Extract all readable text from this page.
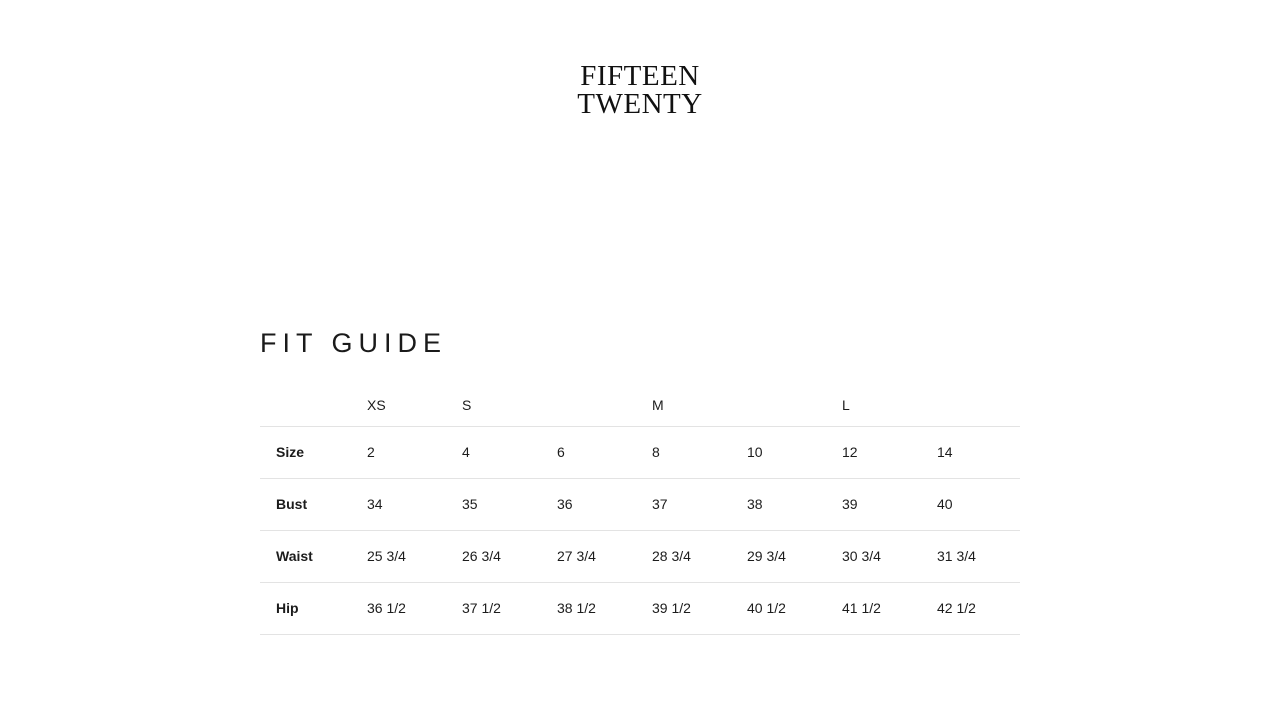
FIFTEEN
TWENTY
FIT GUIDE
	XS	S		M		L	
Size	2	4	6	8	10	12	14
Bust	34	35	36	37	38	39	40
Waist	25 3/4	26 3/4	27 3/4	28 3/4	29 3/4	30 3/4	31 3/4
Hip	36 1/2	37 1/2	38 1/2	39 1/2	40 1/2	41 1/2	42 1/2
